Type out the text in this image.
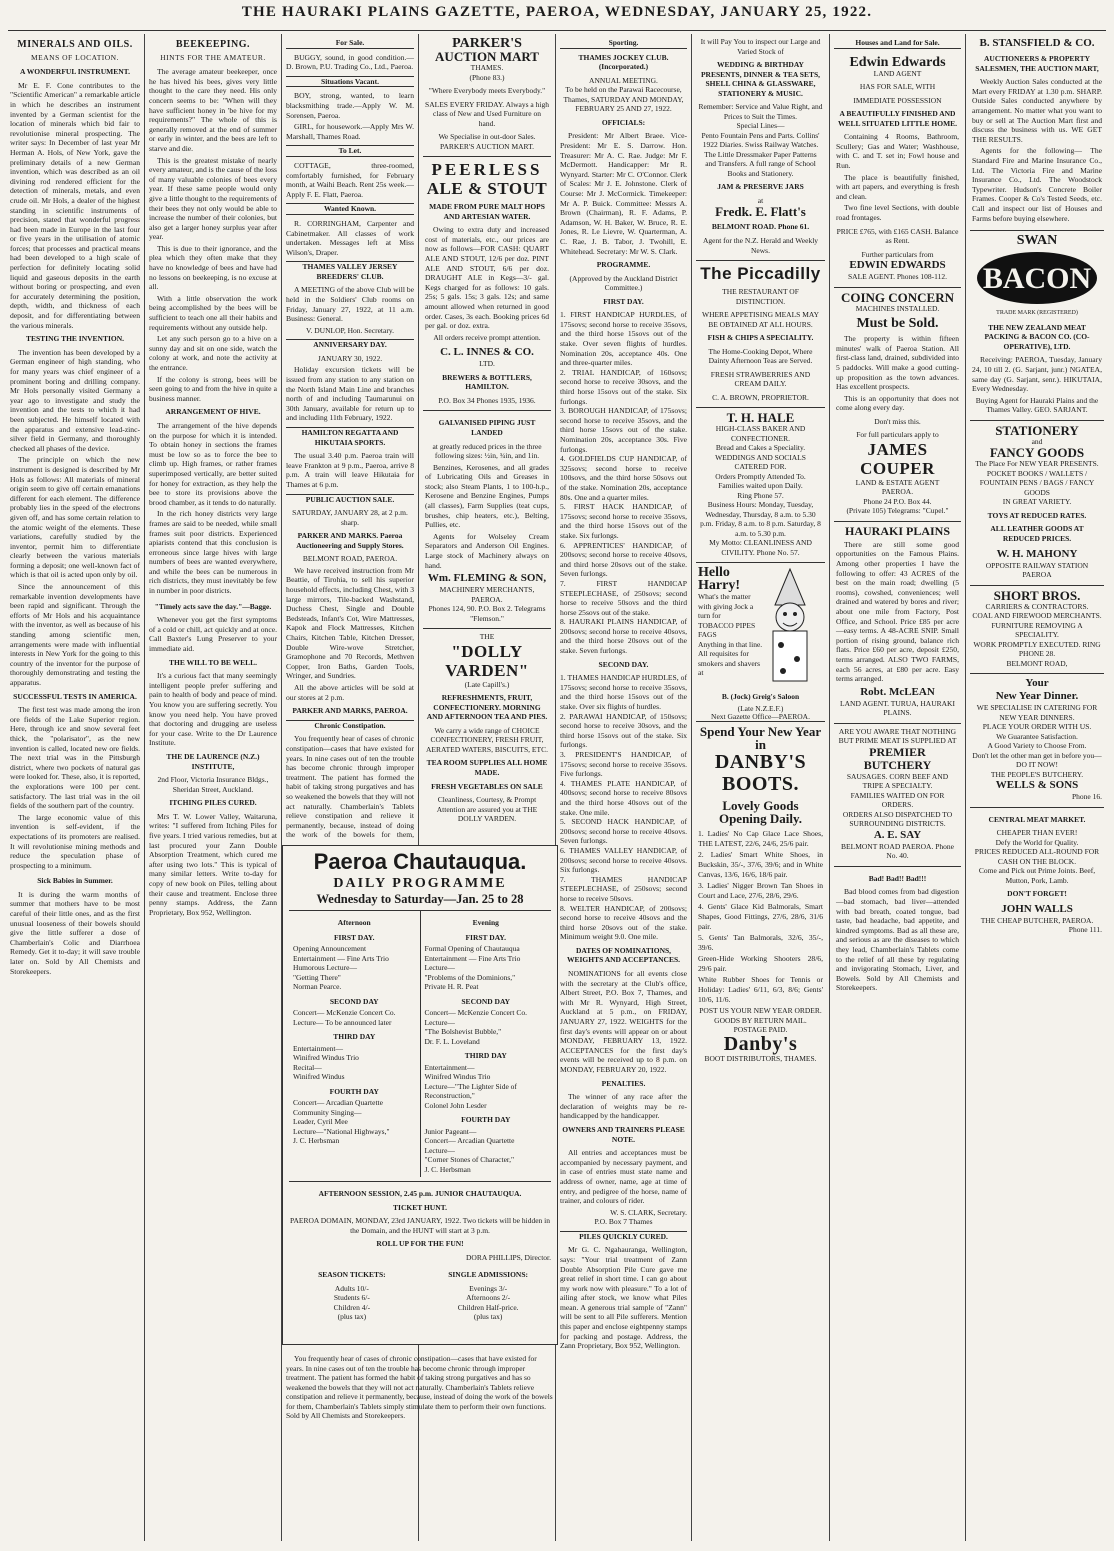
THE HAURAKI PLAINS GAZETTE, PAEROA, WEDNESDAY, JANUARY 25, 1922.
MINERALS AND OILS.
MEANS OF LOCATION.
A WONDERFUL INSTRUMENT.

Mr E. F. Cone contributes to the "Scientific American" a remarkable article in which he describes an instrument invented by a German scientist for the location of minerals which bid fair to revolutionise mineral prospecting. The writer says: In December of last year Mr Herman A. Hols, of New York, gave the preliminary details of a new German invention, which was described as an oil divining rod rendered efficient for the detection of minerals, metals, and even crude oil. Mr Hols, a dealer of the highest standing in scientific instruments of precision, stated that wonderful progress had been made in Europe in the last four or five years in the utilisation of atomic forces; that processes and practical means had been developed to a high scale of perfection for definitely locating solid liquid and gaseous deposits in the earth without boring or prospecting, and even for accurately determining the position, depth, width, and thickness of each deposit, and for differentiating between the various minerals.

TESTING THE INVENTION.

The invention has been developed by a German engineer of high standing, who for many years was chief engineer of a prominent boring and drilling company. Mr Hols personally visited Germany a year ago to investigate and study the invention and the tests to which it had been subjected. He himself located with the apparatus and extensive lead-zinc-silver field in Germany, and thoroughly checked all phases of the device.

The principle on which the new instrument is designed is described by Mr Hols as follows: All materials of mineral origin seem to give off certain emanations different for each element. The difference probably lies in the speed of the electrons given off, and has some certain relation to the atomic weight of the elements. These variations, carefully studied by the inventor, permit him to differentiate clearly between the various materials forming a deposit; one well-known fact of which is that oil is acted upon only by oil.

Since the announcement of this remarkable invention developments have been rapid and significant. Through the efforts of Mr Hols and his acquaintance with the inventor, as well as because of his standing among scientific men, arrangements were made with influential interests in New York for the going to this country of the inventor for the purpose of thoroughly demonstrating and testing the apparatus.

SUCCESSFUL TESTS IN AMERICA.

The first test was made among the iron ore fields of the Lake Superior region. Here, through ice and snow several feet thick, the "polarisator", as the new invention is called, located new ore fields. The next trial was in the Pittsburgh district, where two pockets of natural gas were looked for. These, also, it is reported, the explorations were 100 per cent. satisfactory. The last trial was in the oil fields of the southern part of the country.

The large economic value of this invention is self-evident, if the expectations of its promoters are realised. It will revolutionise mining methods and reduce the speculation phase of prospecting to a minimum.

Sick Babies in Summer.

It is during the warm months of summer that mothers have to be most careful of their little ones, and as the first unusual looseness of their bowels should give the little sufferer a dose of Chamberlain's Colic and Diarrhoea Remedy. Get it to-day; it will save trouble later on. Sold by All Chemists and Storekeepers.

BEEKEEPING.
HINTS FOR THE AMATEUR.

The average amateur beekeeper, once he has hived his bees, gives very little thought to the care they need. His only concern seems to be: "When will they have sufficient honey in 'be hive for my requirements?" The whole of this is generally removed at the end of summer or early in winter, and the bees are left to starve and die.

This is the greatest mistake of nearly every amateur, and is the cause of the loss of many valuable colonies of bees every year. If these same people would only give a little thought to the requirements of their bees they not only would be able to increase the number of their colonies, but also get a larger honey surplus year after year.

This is due to their ignorance, and the plea which they often make that they have no knowledge of bees and have had no lessons on beekeeping, is no excuse at all.

With a little observation the work being accomplished by the bees will be sufficient to teach one all their habits and requirements without any outside help.

Let any such person go to a hive on a sunny day and sit on one side, watch the colony at work, and note the activity at the entrance.

If the colony is strong, bees will be seen going to and from the hive in quite a business manner.

ARRANGEMENT OF HIVE.

The arrangement of the hive depends on the purpose for which it is intended. To obtain honey in sections the frames must be low so as to force the bee to climb up. High frames, or rather frames superimposed vertically, are better suited for honey for extraction, as they help the bee to store its provisions above the brood chamber, as it tends to do naturally.

In the rich honey districts very large frames are said to be needed, while small frames suit poor districts. Experienced apiarists contend that this conclusion is erroneous since large hives with large numbers of bees are wanted everywhere, and while the bees can be numerous in rich districts, they must inevitably be few in number in poor districts.

"Timely acts save the day."—Bagge.

Whenever you get the first symptoms of a cold or chill, act quickly and at once. Call Baxter's Lung Preserver to your immediate aid.

THE WILL TO BE WELL.

It's a curious fact that many seemingly intelligent people prefer suffering and pain to health of body and peace of mind. You know you are suffering secretly. You know you need help. You have proved that doctoring and drugging are useless for your case. Write to the Dr Laurence Institute.

THE DE LAURENCE (N.Z.) INSTITUTE,
2nd Floor, Victoria Insurance Bldgs., Sheridan Street, Auckland.
ITCHING PILES CURED.

Mrs T. W. Lower Valley, Waitaruna, writes: "I suffered from Itching Piles for five years. I tried various remedies, but at last procured your Zann Double Absorption Treatment, which cured me after using two lots." This is typical of many similar letters. Write to-day for copy of new book on Piles, telling about their cause and treatment. Enclose three penny stamps. Address, the Zann Proprietary, Box 952, Wellington.

For Sale.

BUGGY, sound, in good condition.—D. Brown, P.U. Trading Co., Ltd., Paeroa.

Situations Vacant.

BOY, strong, wanted, to learn blacksmithing trade.—Apply W. M. Sorensen, Paeroa.

GIRL, for housework.—Apply Mrs W. Marshall, Thames Road.

To Let.

COTTAGE, three-roomed, comfortably furnished, for February month, at Waihi Beach. Rent 25s week.—Apply F. E. Flatt, Paeroa.

Wanted Known.

R. CORRINGHAM, Carpenter and Cabinetmaker. All classes of work undertaken. Messages left at Miss Wilson's, Draper.

THAMES VALLEY JERSEY BREEDERS' CLUB.

A MEETING of the above Club will be held in the Soldiers' Club rooms on Friday, January 27, 1922, at 11 a.m. Business: General.

V. DUNLOP, Hon. Secretary.
ANNIVERSARY DAY.
JANUARY 30, 1922.

Holiday excursion tickets will be issued from any station to any station on the North Island Main Line and branches north of and including Taumarunui on 30th January, available for return up to and including 11th February, 1922.

HAMILTON REGATTA AND HIKUTAIA SPORTS.

The usual 3.40 p.m. Paeroa train will leave Frankton at 9 p.m., Paeroa, arrive 8 p.m. A train will leave Hikutaia for Thames at 6 p.m.

PUBLIC AUCTION SALE.
SATURDAY, JANUARY 28, at 2 p.m. sharp.
PARKER AND MARKS. Paeroa Auctioneering and Supply Stores.
BELMONT ROAD, PAEROA.

We have received instruction from Mr Beattie, of Tirohia, to sell his superior household effects, including Chest, with 3 large mirrors, Tile-backed Washstand, Duchess Chest, Single and Double Bedsteads, Infant's Cot, Wire Mattresses, Kapok and Flock Mattresses, Kitchen Chairs, Kitchen Table, Kitchen Dresser, Double Wire-wove Stretcher, Gramophone and 70 Records, Methven Copper, Iron Baths, Garden Tools, Wringer, and Sundries.

All the above articles will be sold at our stores at 2 p.m.

PARKER AND MARKS, PAEROA.
Chronic Constipation.

You frequently hear of cases of chronic constipation—cases that have existed for years. In nine cases out of ten the trouble has become chronic through improper treatment. The patient has formed the habit of taking strong purgatives and has so weakened the bowels that they will not act naturally. Chamberlain's Tablets relieve constipation and relieve it permanently, because, instead of doing the work of the bowels for them,

PARKER'S
AUCTION MART
THAMES.
(Phone 83.)
"Where Everybody meets Everybody."
SALES EVERY FRIDAY. Always a high class of New and Used Furniture on hand.
We Specialise in out-door Sales.
PARKER'S AUCTION MART.
PEERLESS
ALE & STOUT
MADE FROM PURE MALT HOPS AND ARTESIAN WATER.

Owing to extra duty and increased cost of materials, etc., our prices are now as follows—FOR CASH: QUART ALE AND STOUT, 12/6 per doz. PINT ALE AND STOUT, 6/6 per doz. DRAUGHT ALE in Kegs—3/- gal. Kegs charged for as follows: 10 gals. 25s; 5 gals. 15s; 3 gals. 12s; and same amount allowed when returned in good order. Cases, 3s each. Booking prices 6d per gal. or doz. extra.

All orders receive prompt attention.
C. L. INNES & CO.
LTD.
BREWERS & BOTTLERS, HAMILTON.
P.O. Box 34 Phones 1935, 1936.
GALVANISED PIPING JUST LANDED
at greatly reduced prices in the three following sizes: ½in, ¾in, and 1in.

Benzines, Kerosenes, and all grades of Lubricating Oils and Greases in stock; also Steam Plants, 1 to 100-h.p., Kerosene and Benzine Engines, Pumps (all classes), Farm Supplies (teat cups, brushes, chip heaters, etc.), Belting, Pullies, etc.

Agents for Wolseley Cream Separators and Anderson Oil Engines. Large stock of Machinery always on hand.

Wm. FLEMING & SON,
MACHINERY MERCHANTS, PAEROA.
Phones 124, 90. P.O. Box 2. Telegrams "Flemson."
THE
"DOLLY VARDEN"
(Late Capill's.)
REFRESHMENTS, FRUIT, CONFECTIONERY. MORNING AND AFTERNOON TEA AND PIES.
We carry a wide range of CHOICE CONFECTIONERY, FRESH FRUIT, AERATED WATERS, BISCUITS, ETC.
TEA ROOM SUPPLIES ALL HOME MADE.
FRESH VEGETABLES ON SALE
Cleanliness, Courtesy, & Prompt Attention are assured you at THE DOLLY VARDEN.
Paeroa Chautauqua.
DAILY PROGRAMME
Wednesday to Saturday—Jan. 25 to 28
Afternoon
FIRST DAY.
Opening Announcement
Entertainment — Fine Arts Trio
Humorous Lecture—
"Getting There"
Norman Pearce.
SECOND DAY
Concert— McKenzie Concert Co.
Lecture— To be announced later
THIRD DAY
Entertainment—
Winifred Windus Trio
Recital—
Winifred Windus
FOURTH DAY
Concert— Arcadian Quartette
Community Singing—
Leader, Cyril Mee
Lecture—"National Highways,"
J. C. Herbsman
Evening
FIRST DAY.
Formal Opening of Chautauqua
Entertainment — Fine Arts Trio
Lecture—
"Problems of the Dominions,"
Private H. R. Peat
SECOND DAY
Concert— McKenzie Concert Co.
Lecture—
"The Bolshevist Bubble,"
Dr. F. L. Loveland
THIRD DAY
Entertainment—
Winifred Windus Trio
Lecture—"The Lighter Side of
Reconstruction,"
Colonel John Lesder
FOURTH DAY
Junior Pageant—
Concert— Arcadian Quartette
Lecture—
"Corner Stones of Character,"
J. C. Herbsman
AFTERNOON SESSION, 2.45 p.m. JUNIOR CHAUTAUQUA.
TICKET HUNT.
PAEROA DOMAIN, MONDAY, 23rd JANUARY, 1922. Two tickets will be hidden in the Domain, and the HUNT will start at 3 p.m.
ROLL UP FOR THE FUN!
DORA PHILLIPS, Director.
SEASON TICKETS:
Adults 10/-
Students 6/-
Children 4/-
(plus tax)
SINGLE ADMISSIONS:
Evenings 3/-
Afternoons 2/-
Children Half-price.
(plus tax)

You frequently hear of cases of chronic constipation—cases that have existed for years. In nine cases out of ten the trouble has become chronic through improper treatment. The patient has formed the habit of taking strong purgatives and has so weakened the bowels that they will not act naturally. Chamberlain's Tablets relieve constipation and relieve it permanently, because, instead of doing the work of the bowels for them, Chamberlain's Tablets simply stimulate them to perform their own functions. Sold by All Chemists and Storekeepers.

Sporting.
THAMES JOCKEY CLUB. (Incorporated.)
ANNUAL MEETING.
To be held on the Parawai Racecourse, Thames, SATURDAY AND MONDAY, FEBRUARY 25 AND 27, 1922.
OFFICIALS:

President: Mr Albert Braee. Vice-President: Mr E. S. Darrow. Hon. Treasurer: Mr A. C. Rae. Judge: Mr F. McDermott. Handicapper: Mr R. Wynyard. Starter: Mr C. O'Connor. Clerk of Scales: Mr J. E. Johnstone. Clerk of Course: Mr J. McCormick. Timekeeper: Mr A. P. Buick. Committee: Messrs A. Brown (Chairman), R. F. Adams, P. Adamson, W. H. Baker, W. Bruce, R. E. Jones, R. Le Lievre, W. Quarterman, A. C. Rae, J. B. Tabor, J. Twohill, E. Whitehead. Secretary: Mr W. S. Clark.

PROGRAMME.
(Approved by the Auckland District Committee.)
FIRST DAY.

1. FIRST HANDICAP HURDLES, of 175sovs; second horse to receive 35sovs, and the third horse 15sovs out of the stake. Over seven flights of hurdles. Nomination 20s, acceptance 40s. One and three-quarter miles.
2. TRIAL HANDICAP, of 160sovs; second horse to receive 30sovs, and the third horse 15sovs out of the stake. Six furlongs.
3. BOROUGH HANDICAP, of 175sovs; second horse to receive 35sovs, and the third horse 15sovs out of the stake. Nomination 20s, acceptance 30s. Five furlongs.
4. GOLDFIELDS CUP HANDICAP, of 325sovs; second horse to receive 100sovs, and the third horse 50sovs out of the stake. Nomination 20s, acceptance 80s. One and a quarter miles.
5. FIRST HACK HANDICAP, of 175sovs; second horse to receive 35sovs, and the third horse 15sovs out of the stake. Six furlongs.
6. APPRENTICES' HANDICAP, of 200sovs; second horse to receive 40sovs, and third horse 20sovs out of the stake. Seven furlongs.
7. FIRST HANDICAP STEEPLECHASE, of 250sovs; second horse to receive 50sovs and the third horse 25sovs out of the stake.
8. HAURAKI PLAINS HANDICAP, of 200sovs; second horse to receive 40sovs, and the third horse 20sovs out of the stake. Seven furlongs.

SECOND DAY.

1. THAMES HANDICAP HURDLES, of 175sovs; second horse to receive 35sovs, and the third horse 15sovs out of the stake. Over six flights of hurdles.
2. PARAWAI HANDICAP, of 150sovs; second horse to receive 30sovs, and the third horse 15sovs out of the stake. Six furlongs.
3. PRESIDENT'S HANDICAP, of 175sovs; second horse to receive 35sovs. Five furlongs.
4. THAMES PLATE HANDICAP, of 400sovs; second horse to receive 80sovs and the third horse 40sovs out of the stake. One mile.
5. SECOND HACK HANDICAP, of 200sovs; second horse to receive 40sovs. Seven furlongs.
6. THAMES VALLEY HANDICAP, of 200sovs; second horse to receive 40sovs. Six furlongs.
7. THAMES HANDICAP STEEPLECHASE, of 250sovs; second horse to receive 50sovs.
8. WELTER HANDICAP, of 200sovs; second horse to receive 40sovs and the third horse 20sovs out of the stake. Minimum weight 9.0. One mile.

DATES OF NOMINATIONS, WEIGHTS AND ACCEPTANCES.

NOMINATIONS for all events close with the secretary at the Club's office, Albert Street, P.O. Box 7, Thames, and with Mr R. Wynyard, High Street, Auckland at 5 p.m., on FRIDAY, JANUARY 27, 1922. WEIGHTS for the first day's events will appear on or about MONDAY, FEBRUARY 13, 1922. ACCEPTANCES for the first day's events will be received up to 8 p.m. on MONDAY, FEBRUARY 20, 1922.

PENALTIES.

The winner of any race after the declaration of weights may be re-handicapped by the handicapper.

OWNERS AND TRAINERS PLEASE NOTE.

All entries and acceptances must be accompanied by necessary payment, and in case of entries must state name and address of owner, name, age at time of entry, and pedigree of the horse, name of trainer, and colours of rider.

W. S. CLARK, Secretary.
P.O. Box 7 Thames
PILES QUICKLY CURED.

Mr G. C. Ngahauranga, Wellington, says: "Your trial treatment of Zann Double Absorption Pile Cure gave me great relief in short time. I can go about my work now with pleasure." To a lot of ailing after stock, we know what Piles mean. A generous trial sample of "Zann" will be sent to all Pile sufferers. Mention this paper and enclose eightpenny stamps for packing and postage. Address, the Zann Proprietary, Box 952, Wellington.

It will Pay You to inspect our Large and Varied Stock of
WEDDING & BIRTHDAY PRESENTS, DINNER & TEA SETS, SHELL CHINA & GLASSWARE, STATIONERY & MUSIC.
Remember: Service and Value Right, and Prices to Suit the Times.
Special Lines—
Pento Fountain Pens and Parts. Collins' 1922 Diaries. Swiss Railway Watches. The Little Dressmaker Paper Patterns and Transfers. A full range of School Books and Stationery.
JAM & PRESERVE JARS
at
Fredk. E. Flatt's
BELMONT ROAD. Phone 61.
Agent for the N.Z. Herald and Weekly News.
The Piccadilly
THE RESTAURANT OF DISTINCTION.
WHERE APPETISING MEALS MAY BE OBTAINED AT ALL HOURS.
FISH & CHIPS A SPECIALITY.
The Home-Cooking Depot, Where Dainty Afternoon Teas are Served.
FRESH STRAWBERRIES AND CREAM DAILY.
C. A. BROWN, PROPRIETOR.
T. H. HALE
HIGH-CLASS BAKER AND CONFECTIONER.
Bread and Cakes a Speciality.
WEDDINGS AND SOCIALS CATERED FOR.
Orders Promptly Attended To.
Families waited upon Daily.
Ring Phone 57.
Business Hours: Monday, Tuesday, Wednesday, Thursday, 8 a.m. to 5.30 p.m. Friday, 8 a.m. to 8 p.m. Saturday, 8 a.m. to 5.30 p.m.
My Motto: CLEANLINESS AND CIVILITY. Phone No. 57.
Hello Harry!
What's the matter with giving Jock a turn for
TOBACCO PIPES FAGS
Anything in that line. All requisites for smokers and shavers at
B. (Jock) Greig's Saloon
(Late N.Z.E.F.)
Next Gazette Office—PAEROA.
Spend Your New Year in
DANBY'S BOOTS.
Lovely Goods Opening Daily.

1. Ladies' No Cap Glace Lace Shoes, THE LATEST, 22/6, 24/6, 25/6 pair.

2. Ladies' Smart White Shoes, in Buckskin, 35/-, 37/6, 39/6; and in White Canvas, 13/6, 16/6, 18/6 pair.

3. Ladies' Nigger Brown Tan Shoes in Court and Lace, 27/6, 28/6, 29/6.

4. Gents' Glace Kid Balmorals, Smart Shapes, Good Fittings, 27/6, 28/6, 31/6 pair.

5. Gents' Tan Balmorals, 32/6, 35/-, 39/6.

Green-Hide Working Shooters 28/6, 29/6 pair.

White Rubber Shoes for Tennis or Holiday: Ladies' 6/11, 6/3, 8/6; Gents' 10/6, 11/6.

POST US YOUR NEW YEAR ORDER.
GOODS BY RETURN MAIL. POSTAGE PAID.
Danby's
BOOT DISTRIBUTORS, THAMES.
Houses and Land for Sale.
Edwin Edwards
LAND AGENT
HAS FOR SALE, WITH
IMMEDIATE POSSESSION
A BEAUTIFULLY FINISHED AND WELL SITUATED LITTLE HOME.

Containing 4 Rooms, Bathroom, Scullery; Gas and Water; Washhouse, with C. and T. set in; Fowl house and Run.

The place is beautifully finished, with art papers, and everything is fresh and clean.

Two fine level Sections, with double road frontages.

PRICE £765, with £165 CASH. Balance as Rent.
Further particulars from
EDWIN EDWARDS
SALE AGENT. Phones 108-112.
COING CONCERN
MACHINES INSTALLED.
Must be Sold.

The property is within fifteen minutes' walk of Paeroa Station. All first-class land, drained, subdivided into 5 paddocks. Will make a good cutting-up proposition as the town advances. Has excellent prospects.

This is an opportunity that does not come along every day.

Don't miss this.
For full particulars apply to
JAMES
COUPER
LAND & ESTATE AGENT
PAEROA.
Phone 24 P.O. Box 44.
(Private 105) Telegrams: "Cupel."
HAURAKI PLAINS

There are still some good opportunities on the Famous Plains. Among other properties I have the following to offer: 43 ACRES of the best on the main road; dwelling (5 rooms), cowshed, conveniences; well drained and watered by bores and river; about one mile from Factory, Post Office, and School. Price £85 per acre—easy terms. A 48-ACRE SNIP. Small portion of rising ground, balance rich flats. Price £60 per acre, deposit £250, terms arranged. ALSO TWO FARMS, each 56 acres, at £80 per acre. Easy terms arranged.

Robt. McLEAN
LAND AGENT. TURUA, HAURAKI PLAINS.
ARE YOU AWARE THAT NOTHING BUT PRIME MEAT IS SUPPLIED AT
PREMIER BUTCHERY
SAUSAGES. CORN BEEF AND TRIPE A SPECIALTY.
FAMILIES WAITED ON FOR ORDERS.
ORDERS ALSO DISPATCHED TO SURROUNDING DISTRICTS.
A. E. SAY
BELMONT ROAD PAEROA. Phone No. 40.
Bad! Bad!! Bad!!!

Bad blood comes from bad digestion—bad stomach, bad liver—attended with bad breath, coated tongue, bad taste, bad headache, bad appetite, and kindred symptoms. Bad as all these are, and serious as are the diseases to which they lead, Chamberlain's Tablets come to the relief of all these by regulating and invigorating Stomach, Liver, and Bowels. Sold by All Chemists and Storekeepers.

B. STANSFIELD & CO.
AUCTIONEERS & PROPERTY SALESMEN, THE AUCTION MART,

Weekly Auction Sales conducted at the Mart every FRIDAY at 1.30 p.m. SHARP. Outside Sales conducted anywhere by arrangement. No matter what you want to buy or sell at The Auction Mart first and discuss the business with us. WE GET THE RESULTS.

Agents for the following— The Standard Fire and Marine Insurance Co., Ltd. The Victoria Fire and Marine Insurance Co., Ltd. The Woodstock Typewriter. Hudson's Concrete Boiler Frames. Cooper & Co's Tested Seeds, etc. Call and inspect our list of Houses and Farms before buying elsewhere.

SWAN
BACON
TRADE MARK (REGISTERED)
THE NEW ZEALAND MEAT PACKING & BACON CO. (CO-OPERATIVE), LTD.

Receiving: PAEROA, Tuesday, January 24, 10 till 2. (G. Sarjant, junr.) NGATEA, same day (G. Sarjant, senr.). HIKUTAIA, Every Wednesday.

Buying Agent for Hauraki Plains and the Thames Valley. GEO. SARJANT.
STATIONERY
and
FANCY GOODS
The Place For NEW YEAR PRESENTS.
POCKET BOOKS / WALLETS / FOUNTAIN PENS / BAGS / FANCY GOODS
IN GREAT VARIETY.
TOYS AT REDUCED RATES.
ALL LEATHER GOODS AT REDUCED PRICES.
W. H. MAHONY
OPPOSITE RAILWAY STATION PAEROA
SHORT BROS.
CARRIERS & CONTRACTORS.
COAL AND FIREWOOD MERCHANTS.
FURNITURE REMOVING A SPECIALITY.
WORK PROMPTLY EXECUTED. RING PHONE 28.
BELMONT ROAD,
Your
New Year Dinner.
WE SPECIALISE IN CATERING FOR NEW YEAR DINNERS.
PLACE YOUR ORDER WITH US.
We Guarantee Satisfaction.
A Good Variety to Choose From.
Don't let the other man get in before you—DO IT NOW!
THE PEOPLE'S BUTCHERY.
WELLS & SONS
Phone 16.
CENTRAL MEAT MARKET.
CHEAPER THAN EVER!
Defy the World for Quality.
PRICES REDUCED ALL-ROUND FOR CASH ON THE BLOCK.
Come and Pick out Prime Joints. Beef, Mutton, Pork, Lamb.
DON'T FORGET!
JOHN WALLS
THE CHEAP BUTCHER, PAEROA.
Phone 111.
